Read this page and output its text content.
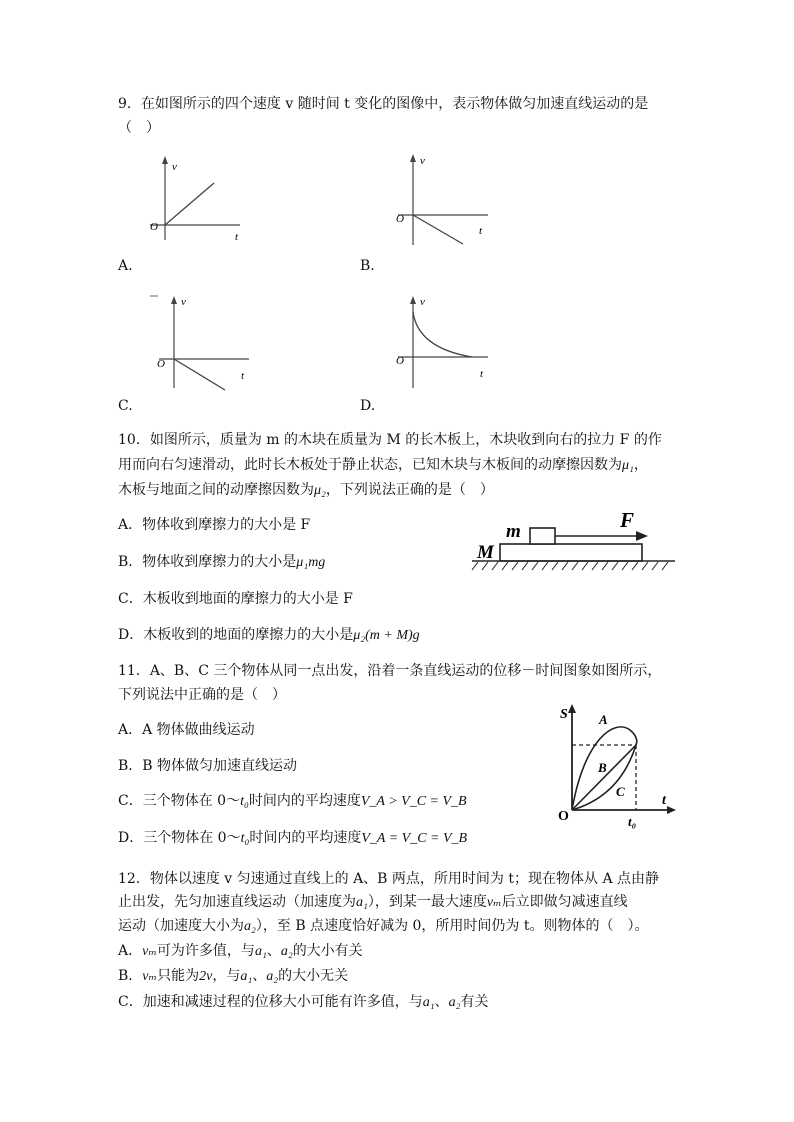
9．在如图所示的四个速度 v 随时间 t 变化的图像中，表示物体做匀加速直线运动的是
（　）
v
t
O
A.
v
t
O
B.
v
t
O
C.
v
t
O
D.
10．如图所示，质量为 m 的木块在质量为 M 的长木板上，木块收到向右的拉力 F 的作
用而向右匀速滑动，此时长木板处于静止状态，已知木块与木板间的动摩擦因数为μ₁，
木板与地面之间的动摩擦因数为μ₂，下列说法正确的是（　）
A．物体收到摩擦力的大小是 F
B．物体收到摩擦力的大小是μ₁mg
C．木板收到地面的摩擦力的大小是 F
D．木板收到的地面的摩擦力的大小是μ₂(m + M)g
m
M
F
11．A、B、C 三个物体从同一点出发，沿着一条直线运动的位移－时间图象如图所示，
下列说法中正确的是（　）
A．A 物体做曲线运动
B．B 物体做匀加速直线运动
C．三个物体在 0～t₀时间内的平均速度V_A > V_C = V_B
D．三个物体在 0～t₀时间内的平均速度V_A = V_C = V_B
S
t
O	t₀
A
B
C
12．物体以速度 v 匀速通过直线上的 A、B 两点，所用时间为 t；现在物体从 A 点由静
止出发，先匀加速直线运动（加速度为a₁），到某一最大速度vₘ后立即做匀减速直线
运动（加速度大小为a₂），至 B 点速度恰好减为 0，所用时间仍为 t。则物体的（　）。
A．vₘ可为许多值，与a₁、a₂的大小有关
B．vₘ只能为2v，与a₁、a₂的大小无关
C．加速和减速过程的位移大小可能有许多值，与a₁、a₂有关
